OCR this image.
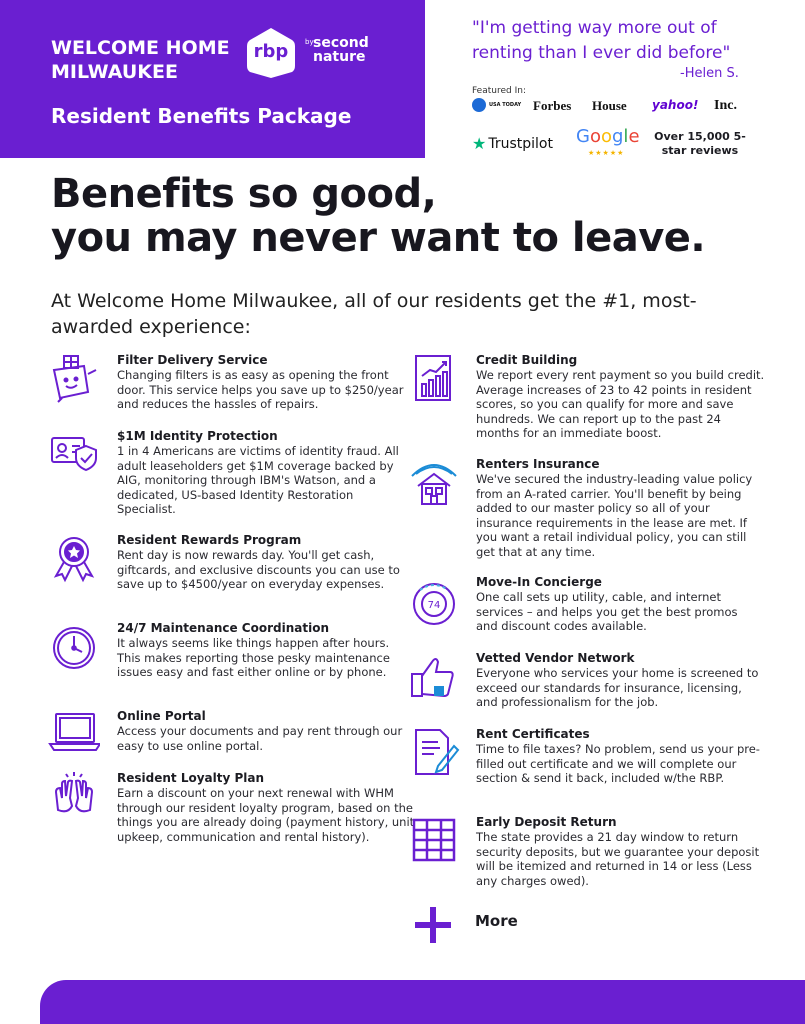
WELCOME HOME MILWAUKEE
rbp	by second nature
Resident Benefits Package
"I'm getting way more out of renting than I ever did before"
-Helen S.
Featured In:
USA TODAY Forbes House yahoo! Inc.
★ Trustpilot Google
★★★★★
Over 15,000 5-star reviews
Benefits so good,
you may never want to leave.
At Welcome Home Milwaukee, all of our residents get the #1, most-awarded experience:
Filter Delivery Service
Changing filters is as easy as opening the front door. This service helps you save up to $250/year and reduces the hassles of repairs.
$1M Identity Protection
1 in 4 Americans are victims of identity fraud. All adult leaseholders get $1M coverage backed by AIG, monitoring through IBM's Watson, and a dedicated, US-based Identity Restoration Specialist.
Resident Rewards Program
Rent day is now rewards day. You'll get cash, giftcards, and exclusive discounts you can use to save up to $4500/year on everyday expenses.
24/7 Maintenance Coordination
It always seems like things happen after hours. This makes reporting those pesky maintenance issues easy and fast either online or by phone.
Online Portal
Access your documents and pay rent through our easy to use online portal.
Resident Loyalty Plan
Earn a discount on your next renewal with WHM through our resident loyalty program, based on the things you are already doing (payment history, unit upkeep, communication and rental history).
Credit Building
We report every rent payment so you build credit. Average increases of 23 to 42 points in resident scores, so you can qualify for more and save hundreds. We can report up to the past 24 months for an immediate boost.
Renters Insurance
We've secured the industry-leading value policy from an A-rated carrier. You'll benefit by being added to our master policy so all of your insurance requirements in the lease are met. If you want a retail individual policy, you can still get that at any time.
74
Move-In Concierge
One call sets up utility, cable, and internet services – and helps you get the best promos and discount codes available.
Vetted Vendor Network
Everyone who services your home is screened to exceed our standards for insurance, licensing, and professionalism for the job.
Rent Certificates
Time to file taxes? No problem, send us your pre-filled out certificate and we will complete our section & send it back, included w/the RBP.
Early Deposit Return
The state provides a 21 day window to return security deposits, but we guarantee your deposit will be itemized and returned in 14 or less (Less any charges owed).
More
